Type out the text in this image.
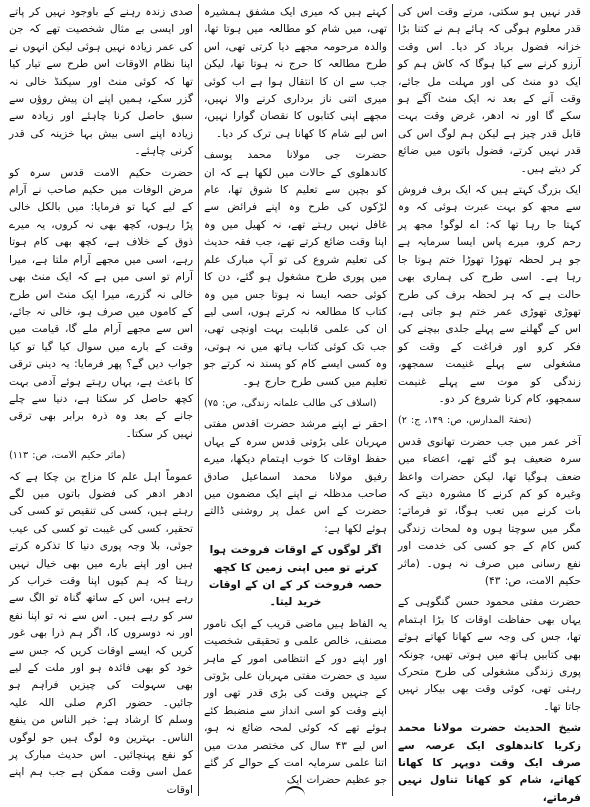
قدر نہیں ہو سکتی، مرتے وقت اس کی قدر معلوم ہوگی کہ ہائے ہم نے کتنا بڑا خزانہ فضول برباد کر دیا۔ اس وقت آرزو کرنے سے کیا ہوگا کہ کاش ہم کو ایک دو منٹ کی اور مہلت مل جائے، وقت آنے کے بعد نہ ایک منٹ آگے ہو سکے گا اور نہ ادھر، غرض وقت بہت قابل قدر چیز ہے لیکن ہم لوگ اس کی قدر نہیں کرتے، فضول باتوں میں ضائع کر دیتے ہیں۔

ایک بزرگ کہتے ہیں کہ ایک برف فروش سے مجھ کو بہت عبرت ہوئی کہ وہ کہتا جا رہا تھا کہ: اے لوگو! مجھ پر رحم کرو، میرے پاس ایسا سرمایہ ہے جو ہر لحظہ تھوڑا تھوڑا ختم ہوتا جا رہا ہے۔ اسی طرح کی ہماری بھی حالت ہے کہ ہر لحظہ برف کی طرح تھوڑی تھوڑی عمر ختم ہو جاتی ہے، اس کے گھلنے سے پہلے جلدی بیچنے کی فکر کرو اور فراغت کے وقت کو مشغولی سے پہلے غنیمت سمجھو، زندگی کو موت سے پہلے غنیمت سمجھو، کام کرنا شروع کر دو۔

(تحفۃ المدارس، ص: ۱۴۹، ج: ۲)

آخر عمر میں جب حضرت تھانوی قدس سرہ ضعیف ہو گئے تھے، اعضاء میں ضعف ہوگیا تھا، لیکن حضرات واعظ وغیرہ کو کم کرنے کا مشورہ دیتے کہ بات کرنے میں تعب ہوگا، تو فرماتے: مگر میں سوچتا ہوں وہ لمحات زندگی کس کام کے جو کسی کی خدمت اور نفع رسانی میں صرف نہ ہوں۔ (ماثر حکیم الامت، ص: ۴۳)

حضرت مفتی محمود حسن گنگوہی کے یہاں بھی حفاظت اوقات کا بڑا اہتمام تھا، جس کی وجہ سے کھانا کھاتے ہوئے بھی کتابیں ہاتھ میں ہوتی تھیں، چونکہ پوری زندگی مشغولی کی طرح متحرک رہتی تھی، کوئی وقت بھی بیکار نہیں جاتا تھا۔

شیخ الحدیث حضرت مولانا محمد زکریا کاندھلوی ایک عرصہ سے صرف ایک وقت دوپہر کا کھانا کھاتے، شام کو کھانا تناول نہیں فرماتے،

کہتے ہیں کہ میری ایک مشفق ہمشیرہ تھی، میں شام کو مطالعہ میں ہوتا تھا، والدہ مرحومہ مجھے دیا کرتی تھی، اس طرح مطالعہ کا حرج نہ ہوتا تھا، لیکن جب سے ان کا انتقال ہوا ہے اب کوئی میری اتنی ناز برداری کرنے والا نہیں، مجھے اپنی کتابوں کا نقصان گوارا نہیں، اس لیے شام کا کھانا ہی ترک کر دیا۔

حضرت جی مولانا محمد یوسف کاندھلوی کے حالات میں لکھا ہے کہ ان کو بچپن سے تعلیم کا شوق تھا، عام لڑکوں کی طرح وہ اپنے فرائض سے غافل نہیں رہتے تھے، نہ کھیل میں وہ اپنا وقت ضائع کرتے تھے، جب فقہ حدیث کی تعلیم شروع کی تو آپ مبارک علم میں پوری طرح مشغول ہو گئے، دن کا کوئی حصہ ایسا نہ ہوتا جس میں وہ کتاب کا مطالعہ نہ کرتے ہوں، اسی لیے ان کی علمی قابلیت بہت اونچی تھی، جب تک کوئی کتاب ہاتھ میں نہ ہوتی، وہ کسی ایسے کام کو پسند نہ کرتے جو تعلیم میں کسی طرح حارج ہو۔

(اسلاف کی طالب علمانہ زندگی، ص: ۷۵)

احقر نے اپنے مرشد حضرت اقدس مفتی مہربان علی بڑوتی قدس سرہ کے یہاں حفظ اوقات کا خوب اہتمام دیکھا، میرے رفیق مولانا محمد اسماعیل صادق صاحب مدظلہ نے اپنے ایک مضمون میں حضرت کے اس عمل پر روشنی ڈالتے ہوئے لکھا ہے:

اگر لوگوں کے اوقات فروخت ہوا کرتے تو میں اپنی زمین کا کچھ حصہ فروخت کر کے ان کے اوقات خرید لیتا۔

یہ الفاظ ہیں ماضی قریب کے ایک نامور مصنف، خالص علمی و تحقیقی شخصیت اور اپنے دور کے انتظامی امور کے ماہر سید ی حضرت مفتی مہربان علی بڑوتی کے جنہیں وقت کی بڑی قدر تھی اور اپنے وقت کو اسی انداز سے منضبط کئے ہوئے تھے کہ کوئی لمحہ ضائع نہ ہو، اس لیے ۴۳ سال کی مختصر مدت میں اتنا علمی سرمایہ امت کے حوالے کر گئے جو عظیم حضرات ایک

صدی زندہ رہنے کے باوجود نہیں کر پاتے اور ایسی بے مثال شخصیت تھے کہ جن کی عمر زیادہ نہیں ہوئی لیکن انہوں نے اپنا نظام الاوقات اس طرح سے تیار کیا تھا کہ کوئی منٹ اور سیکنڈ خالی نہ گزر سکے، ہمیں اپنے ان پیش روؤں سے سبق حاصل کرنا چاہئے اور زیادہ سے زیادہ اپنے اسی بیش بہا خزینہ کی قدر کرنی چاہئے۔

حضرت حکیم الامت قدس سرہ کو مرض الوفات میں حکیم صاحب نے آرام کے لیے کہا تو فرمایا: میں بالکل خالی پڑا رہوں، کچھ بھی نہ کروں، یہ میرے ذوق کے خلاف ہے، کچھ بھی کام ہوتا رہے، اسی میں مجھے آرام ملتا ہے، میرا آرام تو اسی میں ہے کہ ایک منٹ بھی خالی نہ گزرے، میرا ایک منٹ اس طرح کے کاموں میں صرف ہو، خالی نہ جائے، اس سے مجھے آرام ملے گا، قیامت میں وقت کے بارے میں سوال کیا گیا تو کیا جواب دیں گے؟ پھر فرمایا: یہ دینی ترقی کا باعث ہے، یہاں رہتے ہوئے آدمی بہت کچھ حاصل کر سکتا ہے، دنیا سے چلے جانے کے بعد وہ ذرہ برابر بھی ترقی نہیں کر سکتا۔

(ماثر حکیم الامت، ص: ۱۱۳)

عموماً اہل علم کا مزاج بن چکا ہے کہ ادھر ادھر کی فضول باتوں میں لگے رہتے ہیں، کسی کی تنقیص تو کسی کی تحقیر، کسی کی غیبت تو کسی کی عیب جوئی، بلا وجہ پوری دنیا کا تذکرہ کرتے ہیں اور اپنے بارے میں بھی خیال نہیں رہتا کہ ہم کیوں اپنا وقت خراب کر رہے ہیں، اس کے ساتھ گناہ تو الگ سے سر کو رہے ہیں۔ اس سے نہ تو اپنا نفع اور نہ دوسروں کا، اگر ہم ذرا بھی غور کریں کہ ایسے اوقات کریں کہ جس سے خود کو بھی فائدہ ہو اور ملت کے لیے بھی سہولت کی چیزیں فراہم ہو جائیں۔ حضور اکرم صلی اللہ علیہ وسلم کا ارشاد ہے: خیر الناس من ینفع الناس۔ بہترین وہ لوگ ہیں جو لوگوں کو نفع پہنچائیں۔ اس حدیث مبارک پر عمل اسی وقت ممکن ہے جب ہم اپنے اوقات
